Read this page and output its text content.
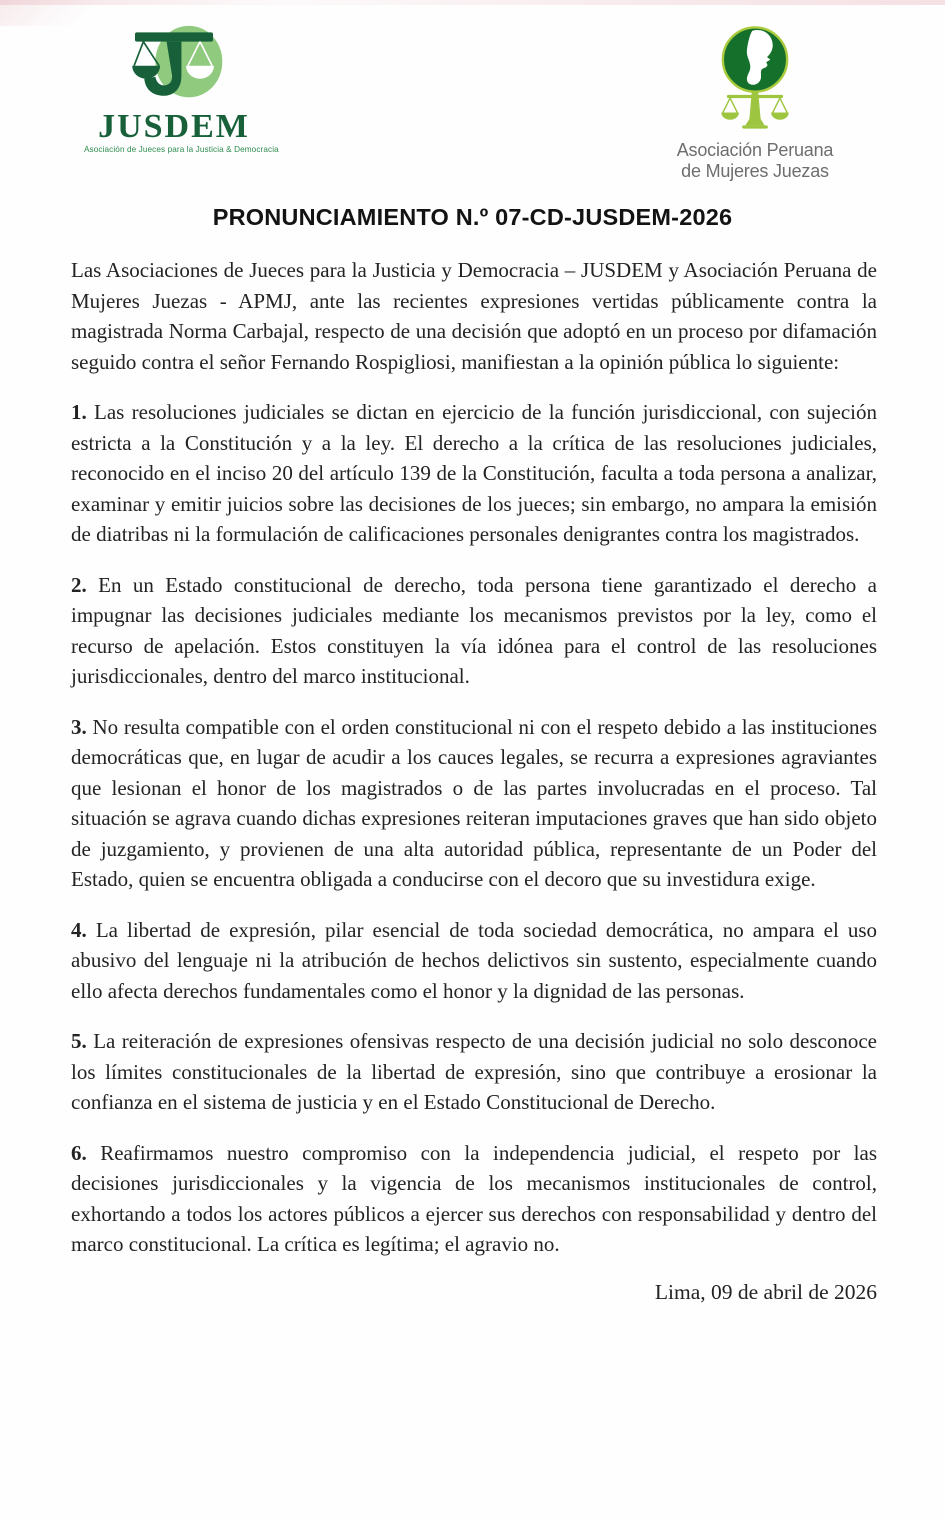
JUSDEM
Asociación de Jueces para la Justicia & Democracia	Asociación Peruana
de Mujeres Juezas
PRONUNCIAMIENTO N.º 07-CD-JUSDEM-2026

Las Asociaciones de Jueces para la Justicia y Democracia – JUSDEM y Asociación Peruana de Mujeres Juezas - APMJ, ante las recientes expresiones vertidas públicamente contra la magistrada Norma Carbajal, respecto de una decisión que adoptó en un proceso por difamación seguido contra el señor Fernando Rospigliosi, manifiestan a la opinión pública lo siguiente:

1. Las resoluciones judiciales se dictan en ejercicio de la función jurisdiccional, con sujeción estricta a la Constitución y a la ley. El derecho a la crítica de las resoluciones judiciales, reconocido en el inciso 20 del artículo 139 de la Constitución, faculta a toda persona a analizar, examinar y emitir juicios sobre las decisiones de los jueces; sin embargo, no ampara la emisión de diatribas ni la formulación de calificaciones personales denigrantes contra los magistrados.

2. En un Estado constitucional de derecho, toda persona tiene garantizado el derecho a impugnar las decisiones judiciales mediante los mecanismos previstos por la ley, como el recurso de apelación. Estos constituyen la vía idónea para el control de las resoluciones jurisdiccionales, dentro del marco institucional.

3. No resulta compatible con el orden constitucional ni con el respeto debido a las instituciones democráticas que, en lugar de acudir a los cauces legales, se recurra a expresiones agraviantes que lesionan el honor de los magistrados o de las partes involucradas en el proceso. Tal situación se agrava cuando dichas expresiones reiteran imputaciones graves que han sido objeto de juzgamiento, y provienen de una alta autoridad pública, representante de un Poder del Estado, quien se encuentra obligada a conducirse con el decoro que su investidura exige.

4. La libertad de expresión, pilar esencial de toda sociedad democrática, no ampara el uso abusivo del lenguaje ni la atribución de hechos delictivos sin sustento, especialmente cuando ello afecta derechos fundamentales como el honor y la dignidad de las personas.

5. La reiteración de expresiones ofensivas respecto de una decisión judicial no solo desconoce los límites constitucionales de la libertad de expresión, sino que contribuye a erosionar la confianza en el sistema de justicia y en el Estado Constitucional de Derecho.

6. Reafirmamos nuestro compromiso con la independencia judicial, el respeto por las decisiones jurisdiccionales y la vigencia de los mecanismos institucionales de control, exhortando a todos los actores públicos a ejercer sus derechos con responsabilidad y dentro del marco constitucional. La crítica es legítima; el agravio no.

Lima, 09 de abril de 2026
